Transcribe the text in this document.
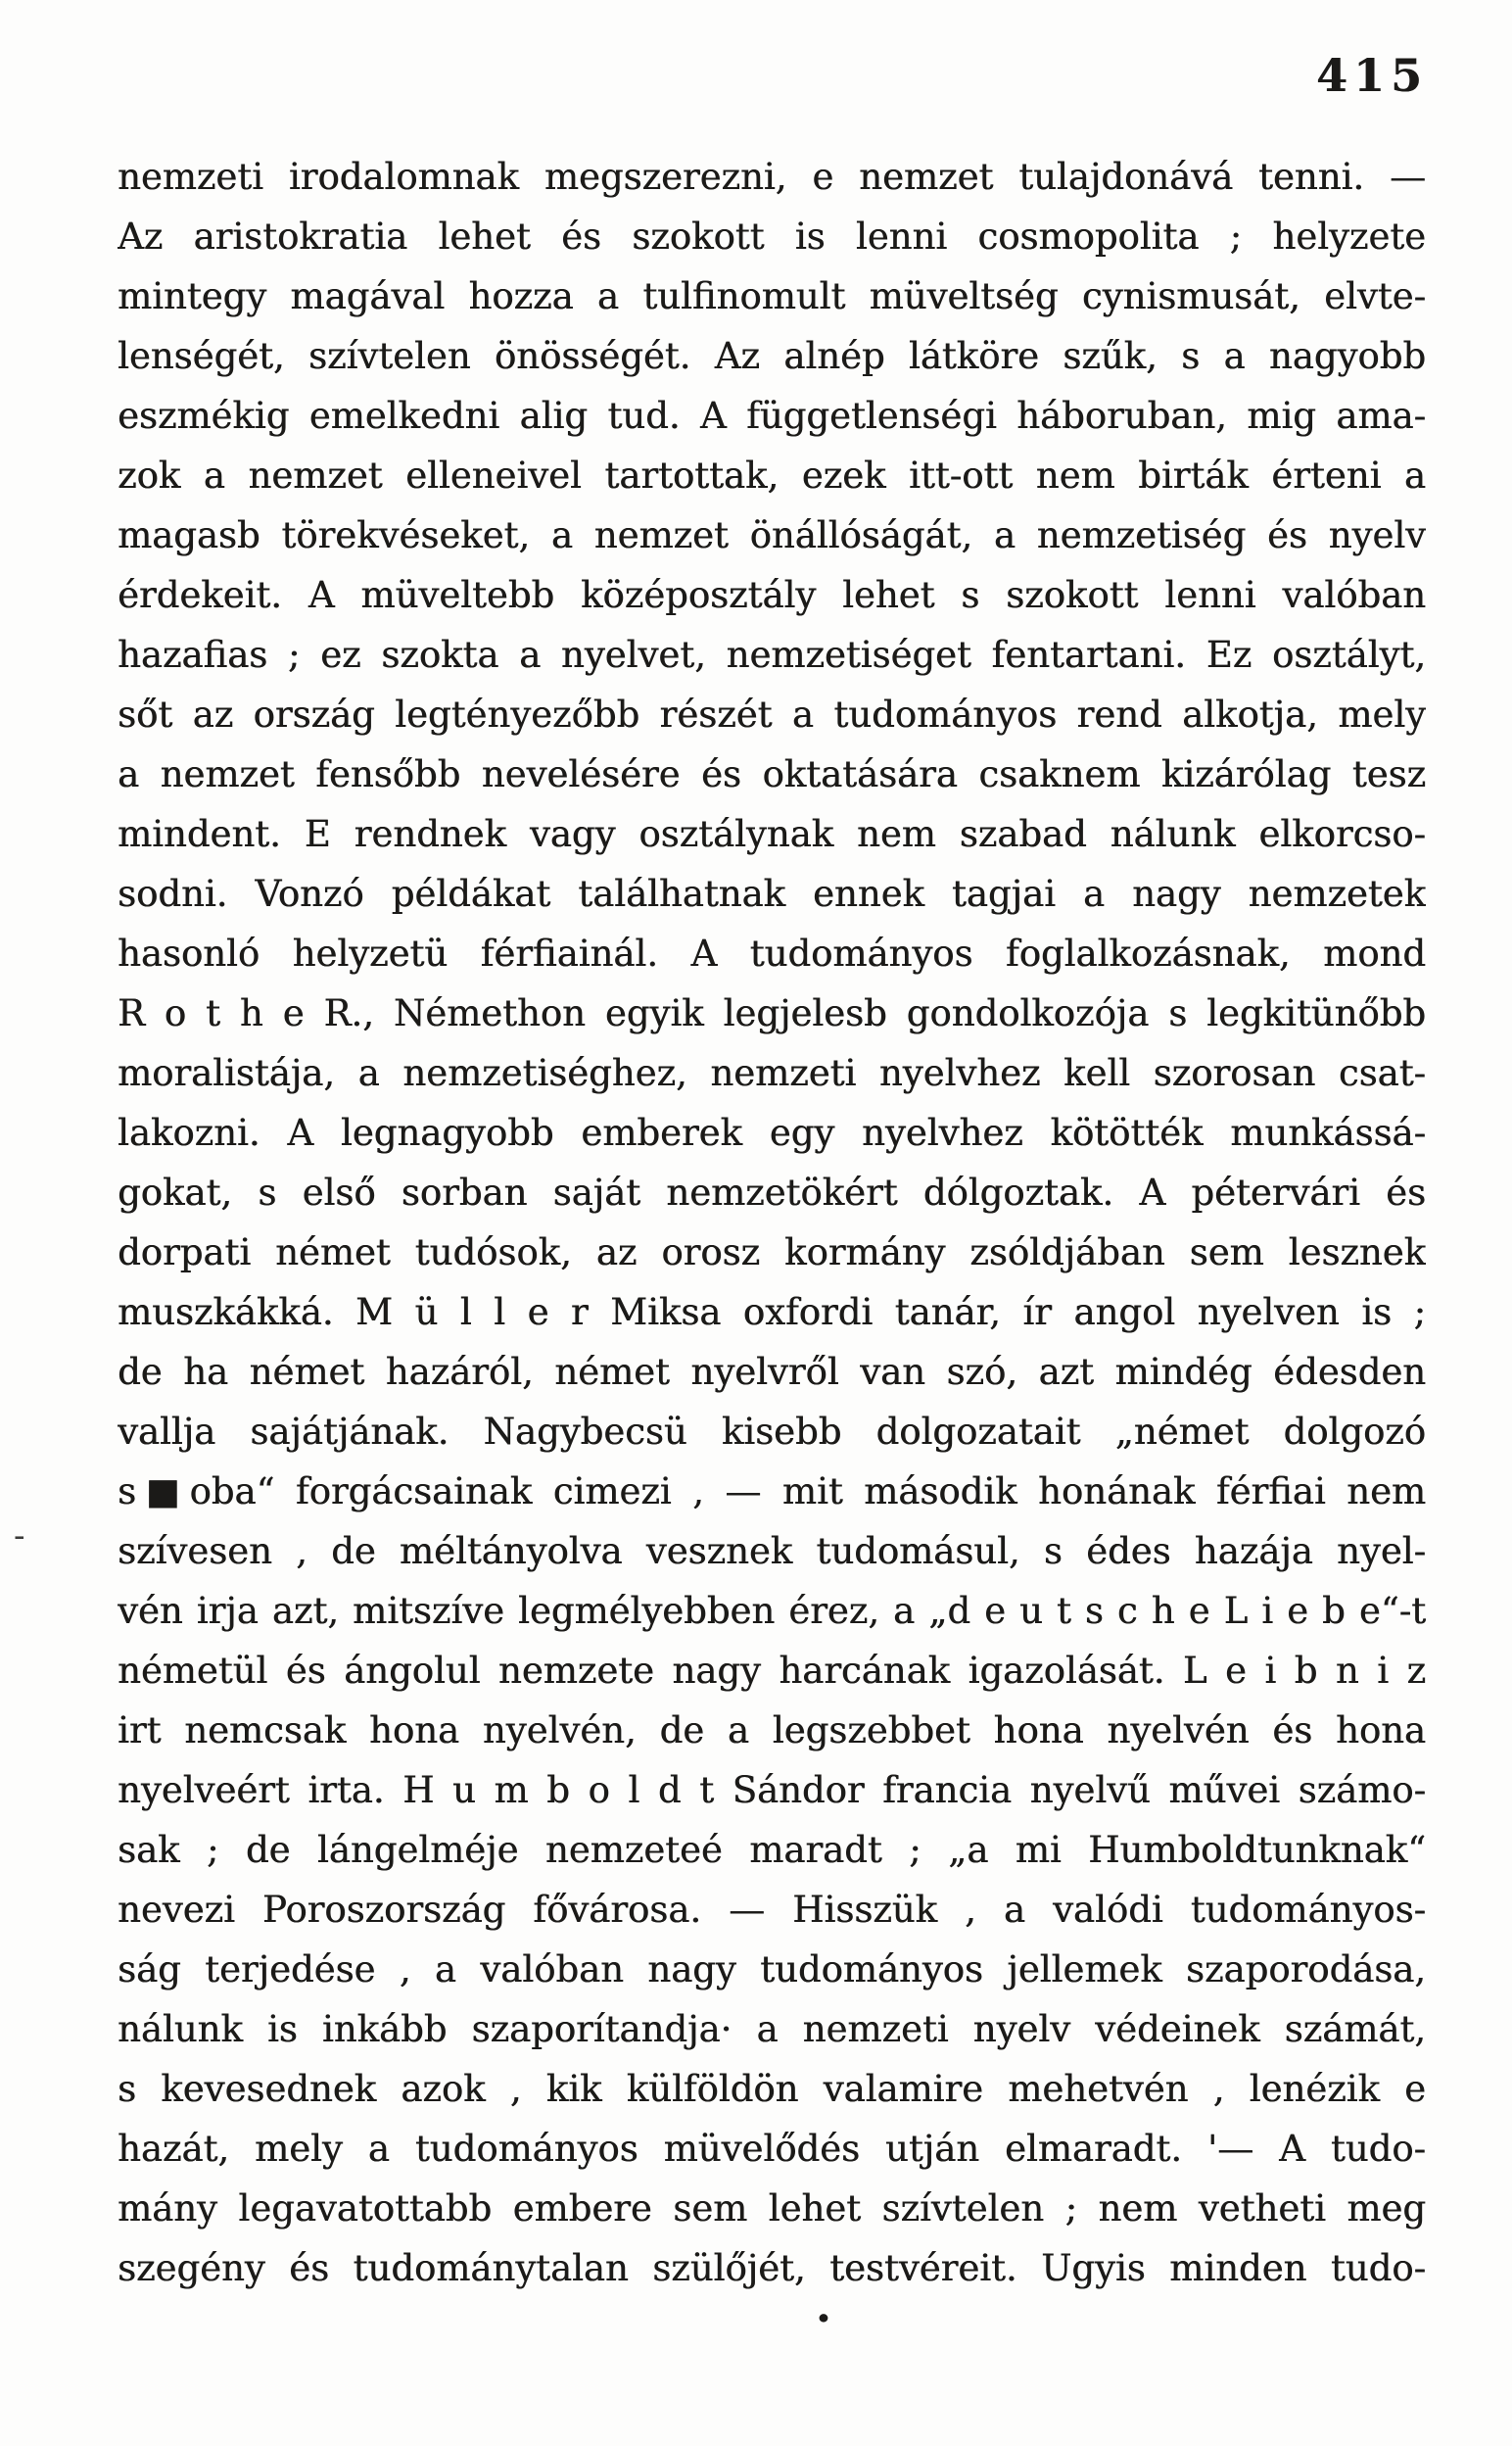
415
nemzeti irodalomnak megszerezni, e nemzet tulajdonává tenni. —
Az aristokratia lehet és szokott is lenni cosmopolita ; helyzete
mintegy magával hozza a tulfinomult müveltség cynismusát, elvte-
lenségét, szívtelen önösségét. Az alnép látköre szűk, s a nagyobb
eszmékig emelkedni alig tud. A függetlenségi háboruban, mig ama-
zok a nemzet elleneivel tartottak, ezek itt-ott nem birták érteni a
magasb törekvéseket, a nemzet önállóságát, a nemzetiség és nyelv
érdekeit. A müveltebb középosztály lehet s szokott lenni valóban
hazafias ; ez szokta a nyelvet, nemzetiséget fentartani. Ez osztályt,
sőt az ország legtényezőbb részét a tudományos rend alkotja, mely
a nemzet fensőbb nevelésére és oktatására csaknem kizárólag tesz
mindent. E rendnek vagy osztálynak nem szabad nálunk elkorcso-
sodni. Vonzó példákat találhatnak ennek tagjai a nagy nemzetek
hasonló helyzetü férfiainál. A tudományos foglalkozásnak, mond
R o t h e R., Némethon egyik legjelesb gondolkozója s legkitünőbb
moralistája, a nemzetiséghez, nemzeti nyelvhez kell szorosan csat-
lakozni. A legnagyobb emberek egy nyelvhez kötötték munkássá-
gokat, s első sorban saját nemzetökért dólgoztak. A pétervári és
dorpati német tudósok, az orosz kormány zsóldjában sem lesznek
muszkákká. M ü l l e r Miksa oxfordi tanár, ír angol nyelven is ;
de ha német hazáról, német nyelvről van szó, azt mindég édesden
vallja sajátjának. Nagybecsü kisebb dolgozatait „német dolgozó
s■oba“ forgácsainak cimezi , — mit második honának férfiai nem
szívesen , de méltányolva vesznek tudomásul, s édes hazája nyel-
vén irja azt, mitszíve legmélyebben érez, a „d e u t s c h e L i e b e“-t
németül és ángolul nemzete nagy harcának igazolását. L e i b n i z
irt nemcsak hona nyelvén, de a legszebbet hona nyelvén és hona
nyelveért irta. H u m b o l d t Sándor francia nyelvű művei számo-
sak ; de lángelméje nemzeteé maradt ; „a mi Humboldtunknak“
nevezi Poroszország fővárosa. — Hisszük , a valódi tudományos-
ság terjedése , a valóban nagy tudományos jellemek szaporodása,
nálunk is inkább szaporítandja· a nemzeti nyelv védeinek számát,
s kevesednek azok , kik külföldön valamire mehetvén , lenézik e
hazát, mely a tudományos müvelődés utján elmaradt. '— A tudo-
mány legavatottabb embere sem lehet szívtelen ; nem vetheti meg
szegény és tudománytalan szülőjét, testvéreit. Ugyis minden tudo-
-
.
